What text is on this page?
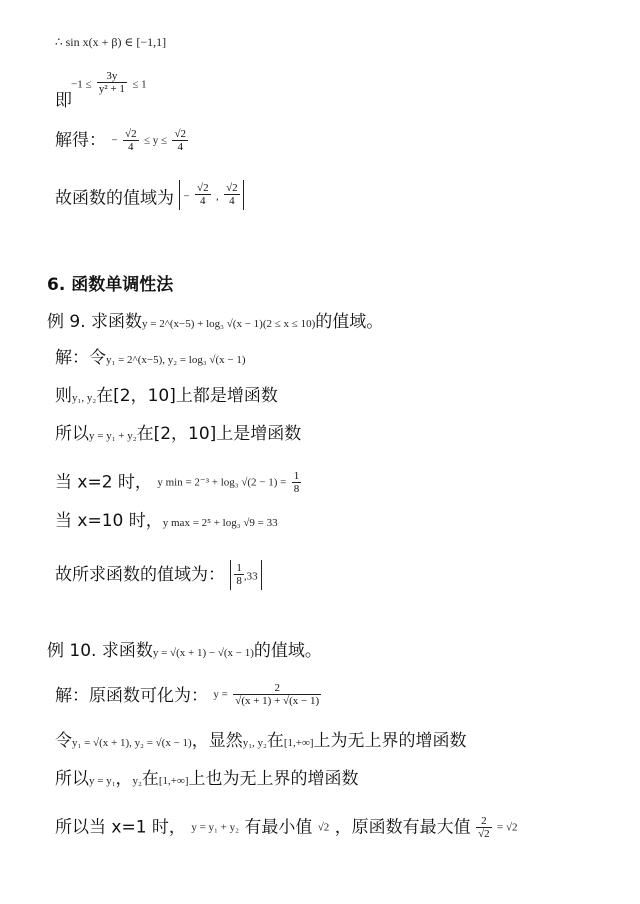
∴ sin x(x + β) ∈ [−1,1]
即
$-1 \le \frac{3y}{\text{y² + 1}} \le 1$
解得： − $\frac{√2}{4} \le y \le \frac{√2}{4}$
故函数的值域为 − $\frac{√2}{4}$ , $\frac{√2}{4}$
6. 函数单调性法
例 9. 求函数y = 2^(x−5) + log₃ √(x − 1)(2 ≤ x ≤ 10)的值域。
解：令y₁ = 2^(x−5), y₂ = log₃ √(x − 1)
则y₁, y₂在[2，10]上都是增函数
所以y = y₁ + y₂在[2，10]上是增函数
当 x=2 时， y min = 2⁻³ + log₃ $√(2 - 1) = \frac{1}{8}$
当 x=10 时，y max = 2⁵ + log₃ √9 = 33
故所求函数的值域为： $\frac{1}{8} ,33$
例 10. 求函数y = √(x + 1) − √(x − 1)的值域。
解：原函数可化为： $y = \frac{2}{√(x + 1) + √(x - 1)}$
令y₁ = √(x + 1), y₂ = √(x − 1)，显然y₁, y₂在[1,+∞]上为无上界的增函数
所以y = y₁，y₂在[1,+∞]上也为无上界的增函数
所以当 x=1 时， y = y₁ + y₂ 有最小值 √2 ，原函数有最大值 $\frac{2}{√2} = √2$
